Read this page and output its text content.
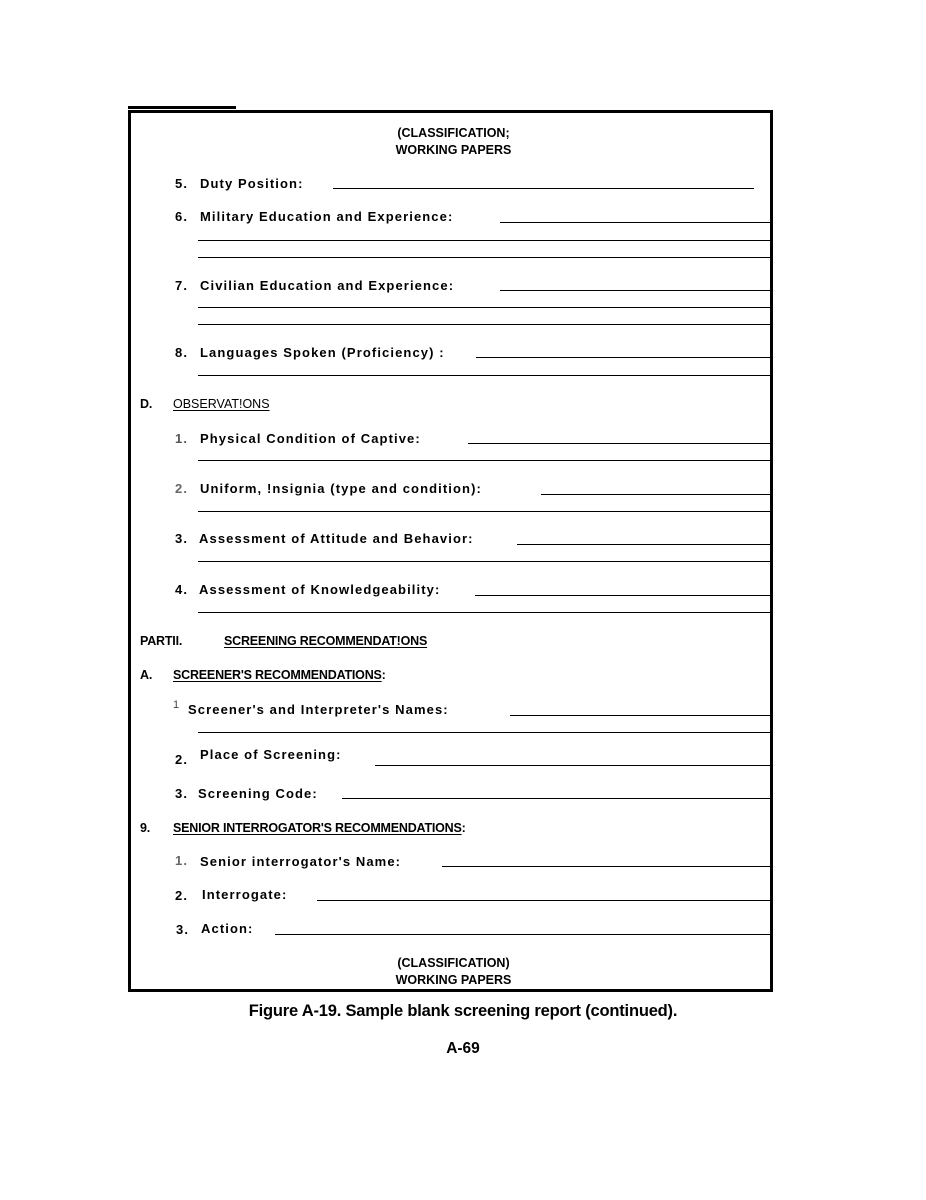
(CLASSIFICATION;
WORKING PAPERS
(CLASSIFICATION)
WORKING PAPERS
5. Duty Position:
6. Military Education and Experience:
7. Civilian Education and Experience:
8. Languages Spoken (Proficiency) :
D. OBSERVAT!ONS
1. Physical Condition of Captive:
2. Uniform, !nsignia (type and condition):
3. Assessment of Attitude and Behavior:
4. Assessment of Knowledgeability:
PARTII.	SCREENING RECOMMENDAT!ONS
A. SCREENER'S RECOMMENDATIONS:
1 Screener's and Interpreter's Names:
2. Place of Screening:
3. Screening Code:
9. SENIOR INTERROGATOR'S RECOMMENDATIONS:
1. Senior interrogator's Name:
2. Interrogate:
3. Action:
Figure A-19. Sample blank screening report (continued).
A-69
